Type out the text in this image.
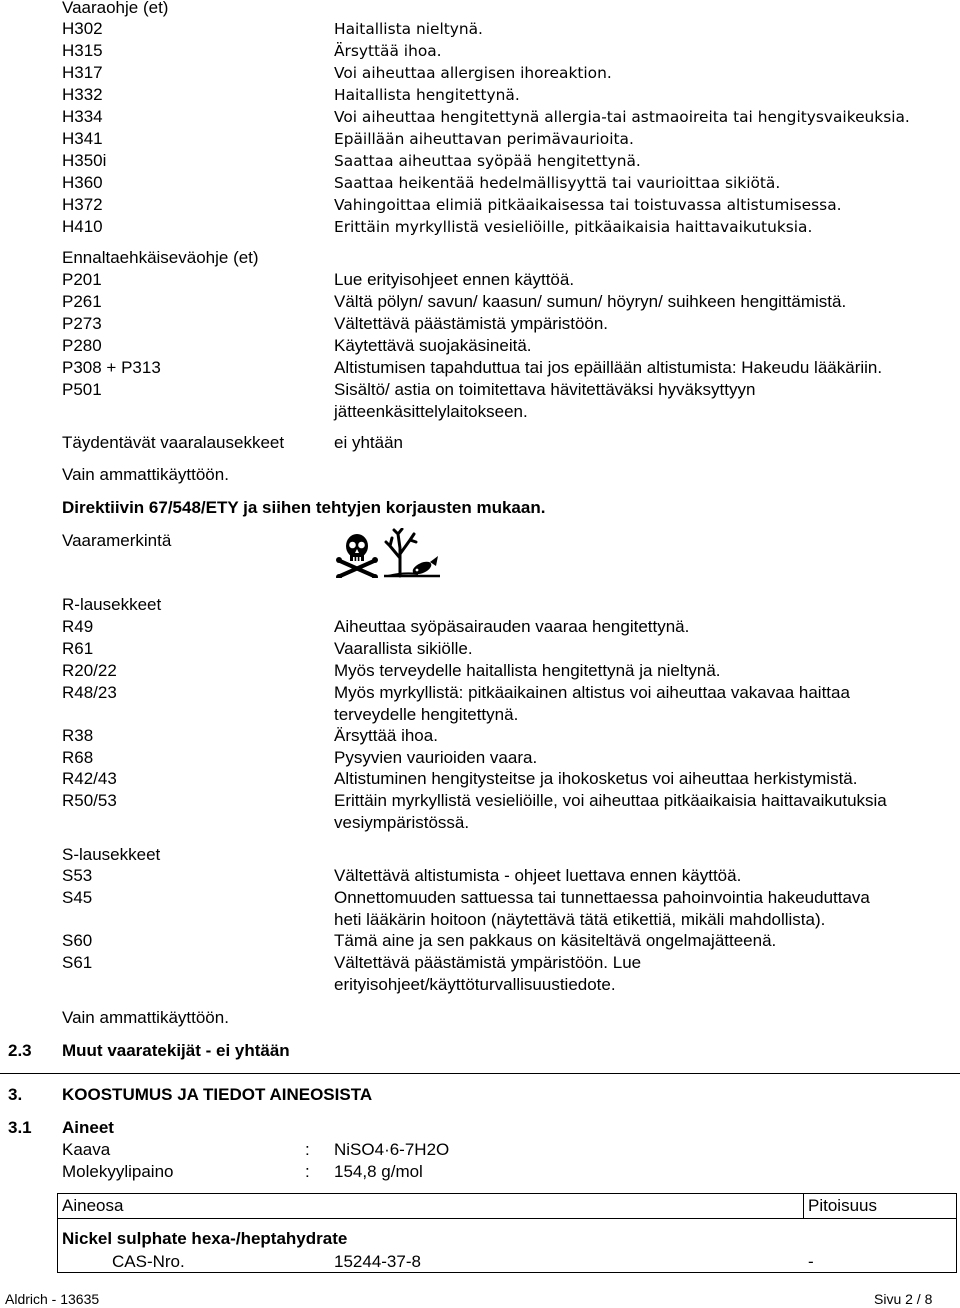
Vaaraohje (et)
H302	Haitallista nieltynä.
H315	Ärsyttää ihoa.
H317	Voi aiheuttaa allergisen ihoreaktion.
H332	Haitallista hengitettynä.
H334	Voi aiheuttaa hengitettynä allergia-tai astmaoireita tai hengitysvaikeuksia.
H341	Epäillään aiheuttavan perimävaurioita.
H350i	Saattaa aiheuttaa syöpää hengitettynä.
H360	Saattaa heikentää hedelmällisyyttä tai vaurioittaa sikiötä.
H372	Vahingoittaa elimiä pitkäaikaisessa tai toistuvassa altistumisessa.
H410	Erittäin myrkyllistä vesieliöille, pitkäaikaisia haittavaikutuksia.
Ennaltaehkäiseväohje (et)
P201	Lue erityisohjeet ennen käyttöä.
P261	Vältä pölyn/ savun/ kaasun/ sumun/ höyryn/ suihkeen hengittämistä.
P273	Vältettävä päästämistä ympäristöön.
P280	Käytettävä suojakäsineitä.
P308 + P313	Altistumisen tapahduttua tai jos epäillään altistumista: Hakeudu lääkäriin.
P501	Sisältö/ astia on toimitettava hävitettäväksi hyväksyttyyn
jätteenkäsittelylaitokseen.
Täydentävät vaaralausekkeet	ei yhtään
Vain ammattikäyttöön.
Direktiivin 67/548/ETY ja siihen tehtyjen korjausten mukaan.
Vaaramerkintä
R-lausekkeet
R49	Aiheuttaa syöpäsairauden vaaraa hengitettynä.
R61	Vaarallista sikiölle.
R20/22	Myös terveydelle haitallista hengitettynä ja nieltynä.
R48/23	Myös myrkyllistä: pitkäaikainen altistus voi aiheuttaa vakavaa haittaa
terveydelle hengitettynä.
R38	Ärsyttää ihoa.
R68	Pysyvien vaurioiden vaara.
R42/43	Altistuminen hengitysteitse ja ihokosketus voi aiheuttaa herkistymistä.
R50/53	Erittäin myrkyllistä vesieliöille, voi aiheuttaa pitkäaikaisia haittavaikutuksia
vesiympäristössä.
S-lausekkeet
S53	Vältettävä altistumista - ohjeet luettava ennen käyttöä.
S45	Onnettomuuden sattuessa tai tunnettaessa pahoinvointia hakeuduttava
heti lääkärin hoitoon (näytettävä tätä etikettiä, mikäli mahdollista).
S60	Tämä aine ja sen pakkaus on käsiteltävä ongelmajätteenä.
S61	Vältettävä päästämistä ympäristöön. Lue
erityisohjeet/käyttöturvallisuustiedote.
Vain ammattikäyttöön.
2.3 Muut vaaratekijät - ei yhtään
3. KOOSTUMUS JA TIEDOT AINEOSISTA
3.1 Aineet
Kaava	: NiSO4·6-7H2O
Molekyylipaino	: 154,8 g/mol
Aineosa	Pitoisuus
Nickel sulphate hexa-/heptahydrate
CAS-Nro.	15244-37-8	-
Aldrich - 13635	Sivu 2 / 8
